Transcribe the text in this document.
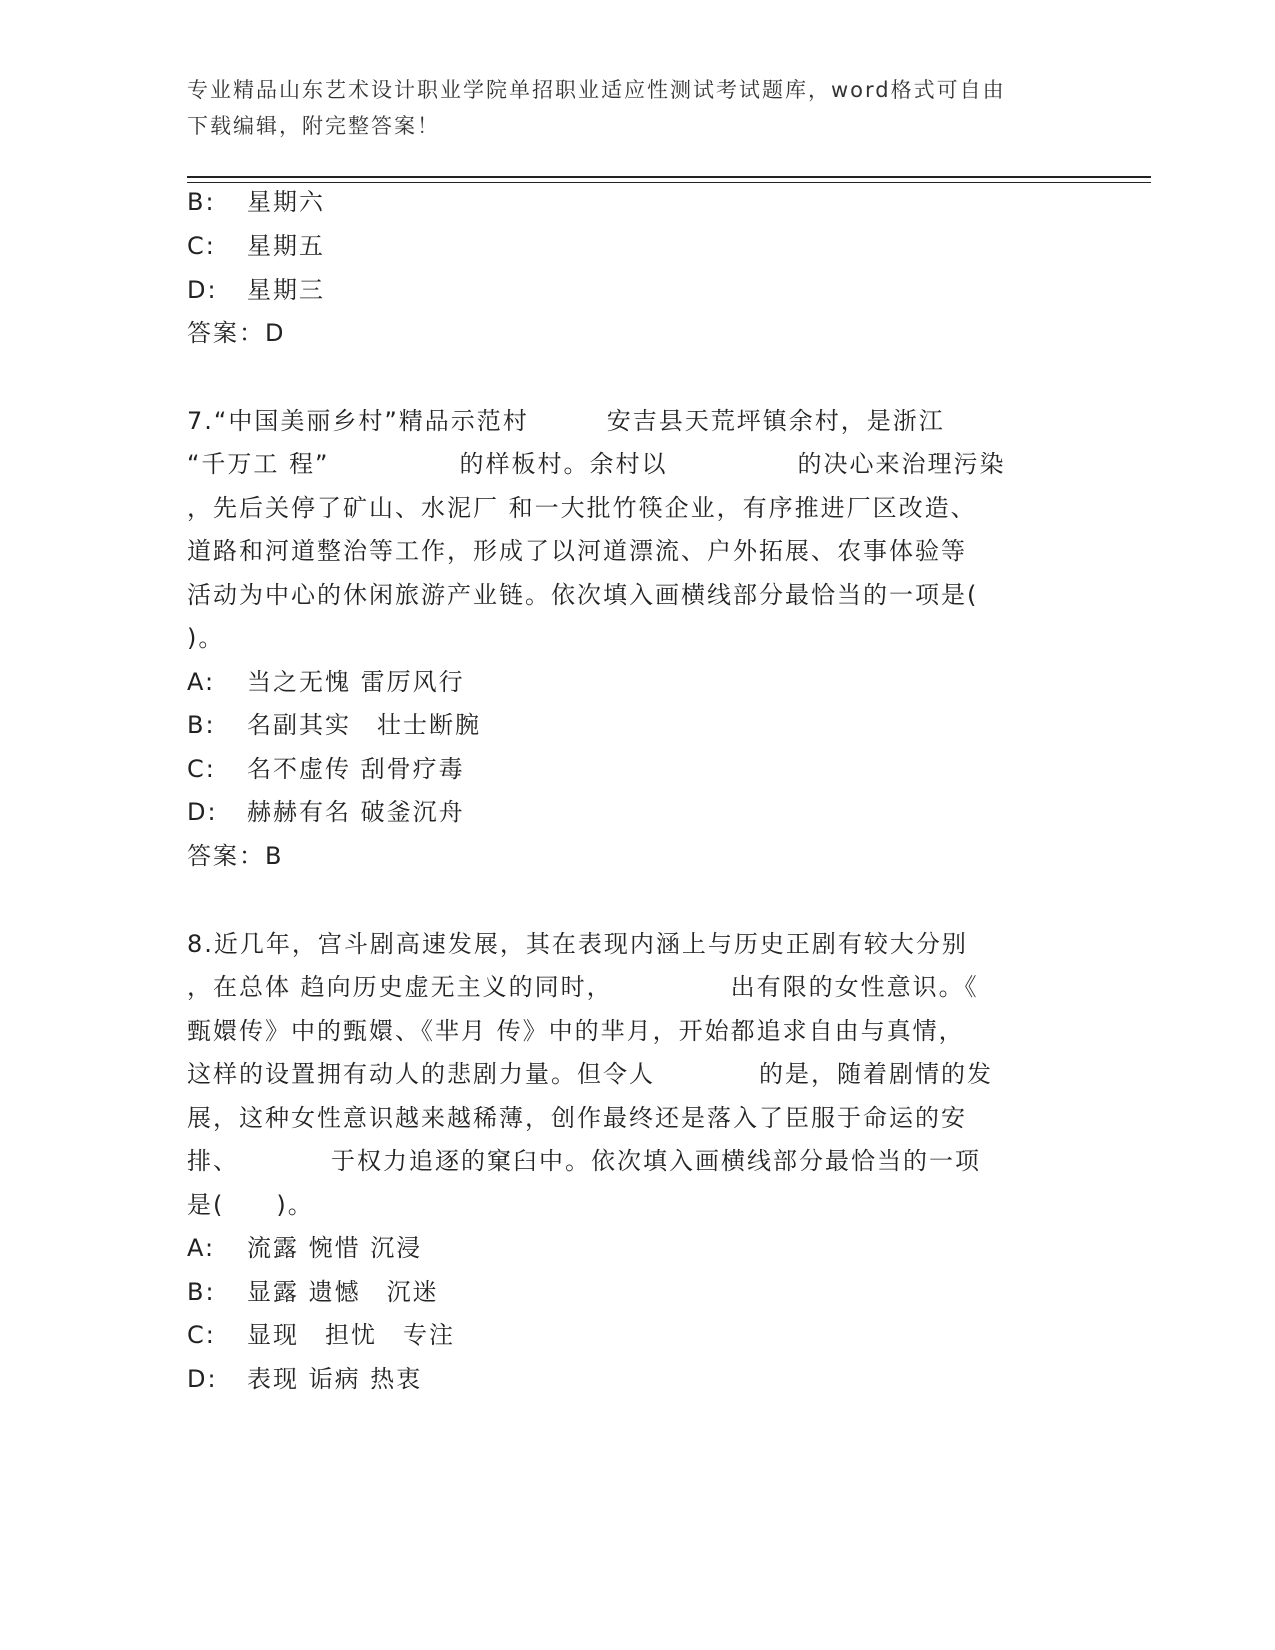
专业精品山东艺术设计职业学院单招职业适应性测试考试题库，word格式可自由
下载编辑，附完整答案！
B: 星期六
C: 星期五
D: 星期三
答案：D
7.“中国美丽乡村”精品示范村　　　安吉县天荒坪镇余村，是浙江
“千万工 程”　　　　　的样板村。余村以　　　　　的决心来治理污染
，先后关停了矿山、水泥厂 和一大批竹筷企业，有序推进厂区改造、
道路和河道整治等工作，形成了以河道漂流、户外拓展、农事体验等
活动为中心的休闲旅游产业链。依次填入画横线部分最恰当的一项是(
)。
A: 当之无愧 雷厉风行
B: 名副其实　壮士断腕
C: 名不虚传 刮骨疗毒
D: 赫赫有名 破釜沉舟
答案：B
8.近几年，宫斗剧高速发展，其在表现内涵上与历史正剧有较大分别
，在总体 趋向历史虚无主义的同时，　　　　　出有限的女性意识。《
甄嬛传》中的甄嬛、《芈月 传》中的芈月，开始都追求自由与真情，
这样的设置拥有动人的悲剧力量。但令人　　　　的是，随着剧情的发
展，这种女性意识越来越稀薄，创作最终还是落入了臣服于命运的安
排、　　　　于权力追逐的窠臼中。依次填入画横线部分最恰当的一项
是(　　)。
A: 流露 惋惜 沉浸
B: 显露 遗憾　沉迷
C: 显现　担忧　专注
D: 表现 诟病 热衷
